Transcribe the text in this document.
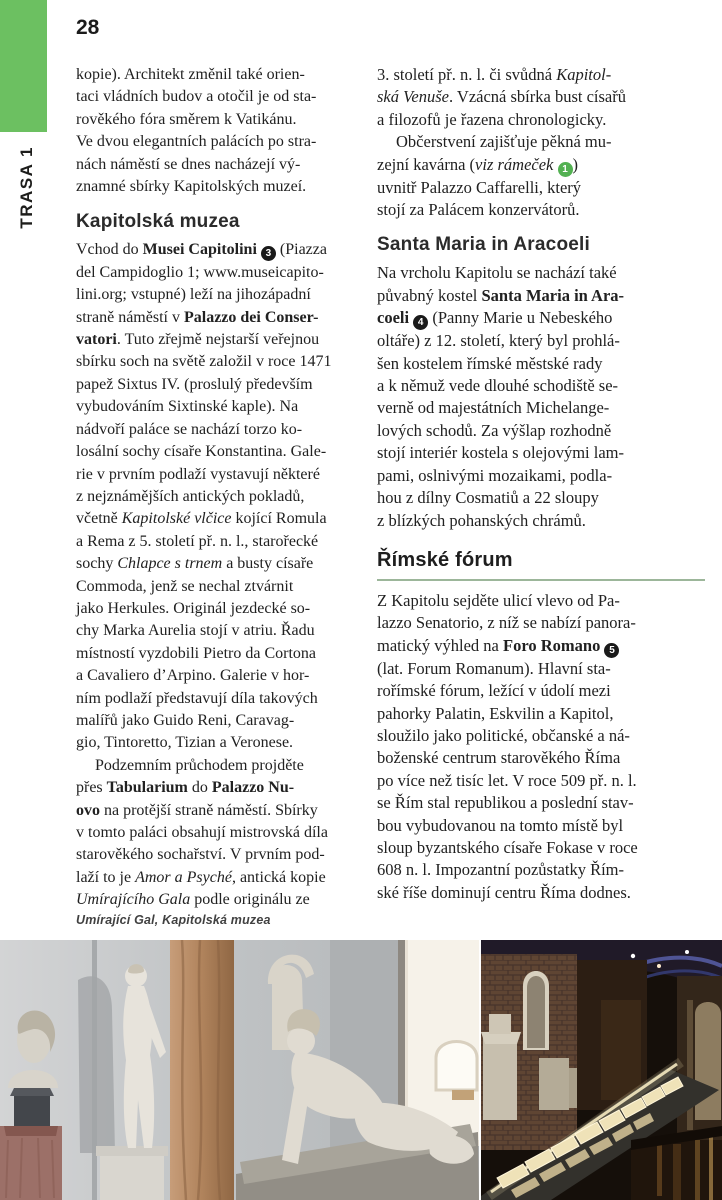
TRASA 1
28
kopie). Architekt změnil také orien-
taci vládních budov a otočil je od sta-
rověkého fóra směrem k Vatikánu.
Ve dvou elegantních palácích po stra-
nách náměstí se dnes nacházejí vý-
znamné sbírky Kapitolských muzeí.
Kapitolská muzea
Vchod do Musei Capitolini 3 (Piazza
del Campidoglio 1; www.museicapito-
lini.org; vstupné) leží na jihozápadní
straně náměstí v Palazzo dei Conser-
vatori. Tuto zřejmě nejstarší veřejnou
sbírku soch na světě založil v roce 1471
papež Sixtus IV. (proslulý především
vybudováním Sixtinské kaple). Na
nádvoří paláce se nachází torzo ko-
losální sochy císaře Konstantina. Gale-
rie v prvním podlaží vystavují některé
z nejznámějších antických pokladů,
včetně Kapitolské vlčice kojící Romula
a Rema z 5. století př. n. l., starořecké
sochy Chlapce s trnem a busty císaře
Commoda, jenž se nechal ztvárnit
jako Herkules. Originál jezdecké so-
chy Marka Aurelia stojí v atriu. Řadu
místností vyzdobili Pietro da Cortona
a Cavaliero d’Arpino. Galerie v hor-
ním podlaží představují díla takových
malířů jako Guido Reni, Caravag-
gio, Tintoretto, Tizian a Veronese.
Podzemním průchodem projděte
přes Tabularium do Palazzo Nu-
ovo na protější straně náměstí. Sbírky
v tomto paláci obsahují mistrovská díla
starověkého sochařství. V prvním pod-
laží to je Amor a Psyché, antická kopie
Umírajícího Gala podle originálu ze
3. století př. n. l. či svůdná Kapitol-
ská Venuše. Vzácná sbírka bust císařů
a filozofů je řazena chronologicky.
Občerstvení zajišťuje pěkná mu-
zejní kavárna (viz rámeček 1 )
uvnitř Palazzo Caffarelli, který
stojí za Palácem konzervátorů.
Santa Maria in Aracoeli
Na vrcholu Kapitolu se nachází také
půvabný kostel Santa Maria in Ara-
coeli 4 (Panny Marie u Nebeského
oltáře) z 12. století, který byl prohlá-
šen kostelem římské městské rady
a k němuž vede dlouhé schodiště se-
verně od majestátních Michelange-
lových schodů. Za výšlap rozhodně
stojí interiér kostela s olejovými lam-
pami, oslnivými mozaikami, podla-
hou z dílny Cosmatiů a 22 sloupy
z blízkých pohanských chrámů.
Římské fórum
Z Kapitolu sejděte ulicí vlevo od Pa-
lazzo Senatorio, z níž se nabízí panora-
matický výhled na Foro Romano 5
(lat. Forum Romanum). Hlavní sta-
rořímské fórum, ležící v údolí mezi
pahorky Palatin, Eskvilin a Kapitol,
sloužilo jako politické, občanské a ná-
boženské centrum starověkého Říma
po více než tisíc let. V roce 509 př. n. l.
se Řím stal republikou a poslední stav-
bou vybudovanou na tomto místě byl
sloup byzantského císaře Fokase v roce
608 n. l. Impozantní pozůstatky Řím-
ské říše dominují centru Říma dodnes.
Umírající Gal, Kapitolská muzea
